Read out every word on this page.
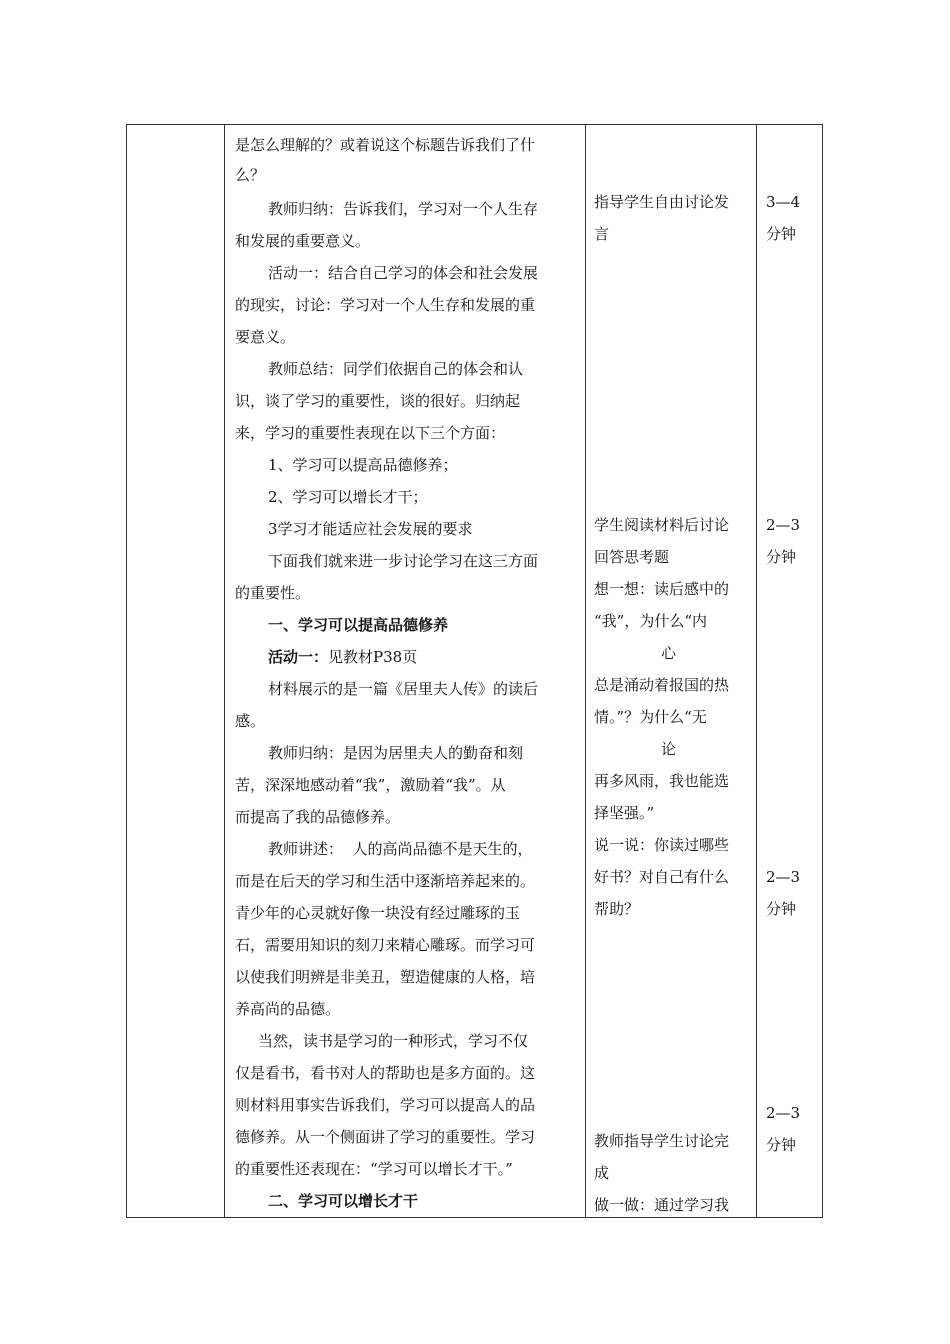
是怎么理解的？或着说这个标题告诉我们了什
么？
教师归纳：告诉我们，学习对一个人生存
和发展的重要意义。
活动一：结合自己学习的体会和社会发展
的现实，讨论：学习对一个人生存和发展的重
要意义。
教师总结：同学们依据自己的体会和认
识，谈了学习的重要性，谈的很好。归纳起
来，学习的重要性表现在以下三个方面：
1、学习可以提高品德修养；
2、学习可以增长才干；
3学习才能适应社会发展的要求
下面我们就来进一步讨论学习在这三方面
的重要性。
一、学习可以提高品德修养
活动一：见教材P38页
材料展示的是一篇《居里夫人传》的读后
感。
教师归纳：是因为居里夫人的勤奋和刻
苦，深深地感动着“我”，激励着“我”。从
而提高了我的品德修养。
教师讲述：  人的高尚品德不是天生的，
而是在后天的学习和生活中逐渐培养起来的。
青少年的心灵就好像一块没有经过雕琢的玉
石，需要用知识的刻刀来精心雕琢。而学习可
以使我们明辨是非美丑，塑造健康的人格，培
养高尚的品德。
当然，读书是学习的一种形式，学习不仅
仅是看书，看书对人的帮助也是多方面的。这
则材料用事实告诉我们，学习可以提高人的品
德修养。从一个侧面讲了学习的重要性。学习
的重要性还表现在：“学习可以增长才干。”
二、学习可以增长才干
指导学生自由讨论发
言
学生阅读材料后讨论
回答思考题
想一想：读后感中的
“我”，为什么“内
心
总是涌动着报国的热
情。”？为什么“无
论
再多风雨，我也能选
择坚强。”
说一说：你读过哪些
好书？对自己有什么
帮助？
教师指导学生讨论完
成
做一做：通过学习我
3—4
分钟
2—3
分钟
2—3
分钟
2—3
分钟
